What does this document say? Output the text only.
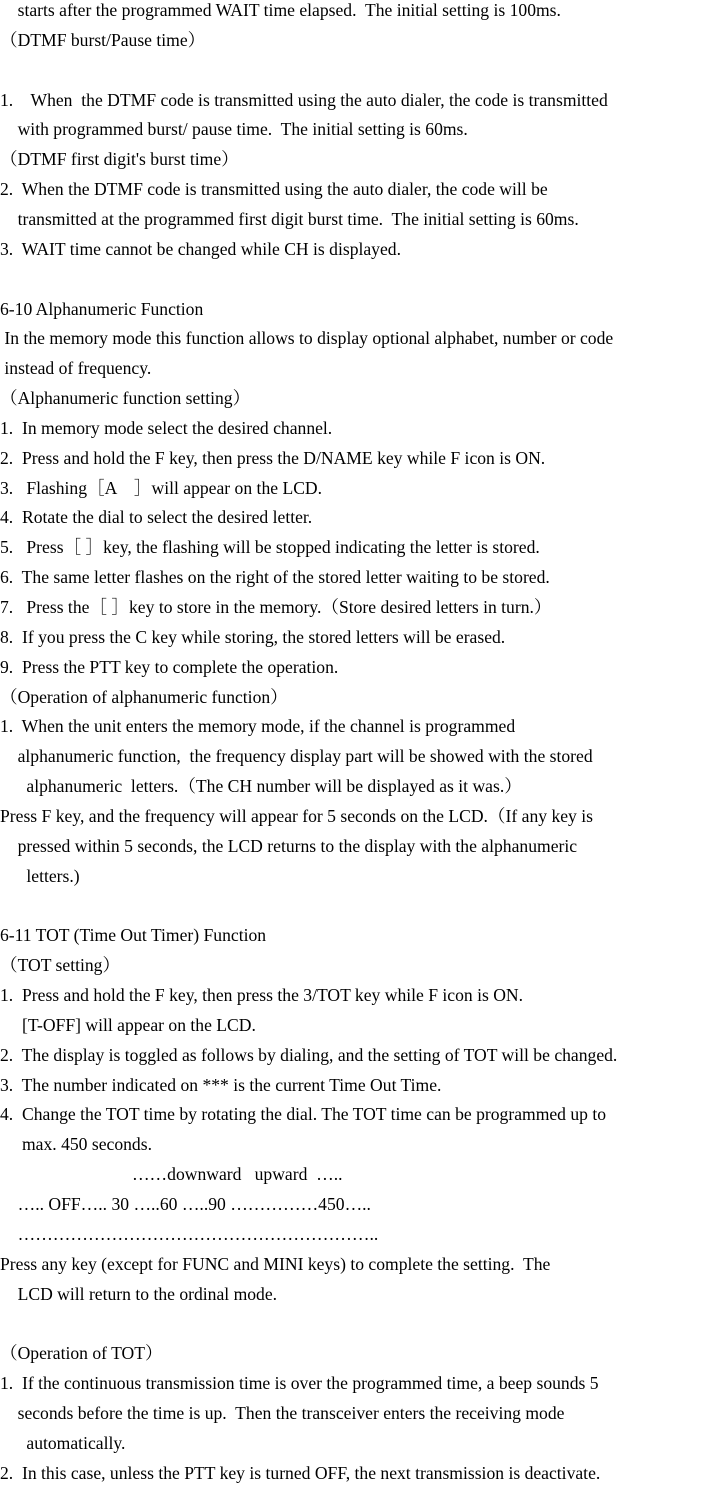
starts after the programmed WAIT time elapsed.  The initial setting is 100ms.
（DTMF burst/Pause time）
1.    When  the DTMF code is transmitted using the auto dialer, the code is transmitted
with programmed burst/ pause time.  The initial setting is 60ms.
（DTMF first digit's burst time）
2.  When the DTMF code is transmitted using the auto dialer, the code will be
transmitted at the programmed first digit burst time.  The initial setting is 60ms.
3.  WAIT time cannot be changed while CH is displayed.
6-10 Alphanumeric Function
In the memory mode this function allows to display optional alphabet, number or code
instead of frequency.
（Alphanumeric function setting）
1.  In memory mode select the desired channel.
2.  Press and hold the F key, then press the D/NAME key while F icon is ON.
3.   Flashing［A    ］will appear on the LCD.
4.  Rotate the dial to select the desired letter.
5.   Press［ ］key, the flashing will be stopped indicating the letter is stored.
6.  The same letter flashes on the right of the stored letter waiting to be stored.
7.   Press the［ ］key to store in the memory.（Store desired letters in turn.）
8.  If you press the C key while storing, the stored letters will be erased.
9.  Press the PTT key to complete the operation.
（Operation of alphanumeric function）
1.  When the unit enters the memory mode, if the channel is programmed
alphanumeric function,  the frequency display part will be showed with the stored
alphanumeric  letters.（The CH number will be displayed as it was.）
Press F key, and the frequency will appear for 5 seconds on the LCD.（If any key is
pressed within 5 seconds, the LCD returns to the display with the alphanumeric
letters.)
6-11 TOT (Time Out Timer) Function
（TOT setting）
1.  Press and hold the F key, then press the 3/TOT key while F icon is ON.
[T-OFF] will appear on the LCD.
2.  The display is toggled as follows by dialing, and the setting of TOT will be changed.
3.  The number indicated on *** is the current Time Out Time.
4.  Change the TOT time by rotating the dial. The TOT time can be programmed up to
max. 450 seconds.
……downward   upward  …..
….. OFF….. 30 …..60 …..90 ……………450…..
……………………………………………………..
Press any key (except for FUNC and MINI keys) to complete the setting.  The
LCD will return to the ordinal mode.
（Operation of TOT）
1.  If the continuous transmission time is over the programmed time, a beep sounds 5
seconds before the time is up.  Then the transceiver enters the receiving mode
automatically.
2.  In this case, unless the PTT key is turned OFF, the next transmission is deactivate.
